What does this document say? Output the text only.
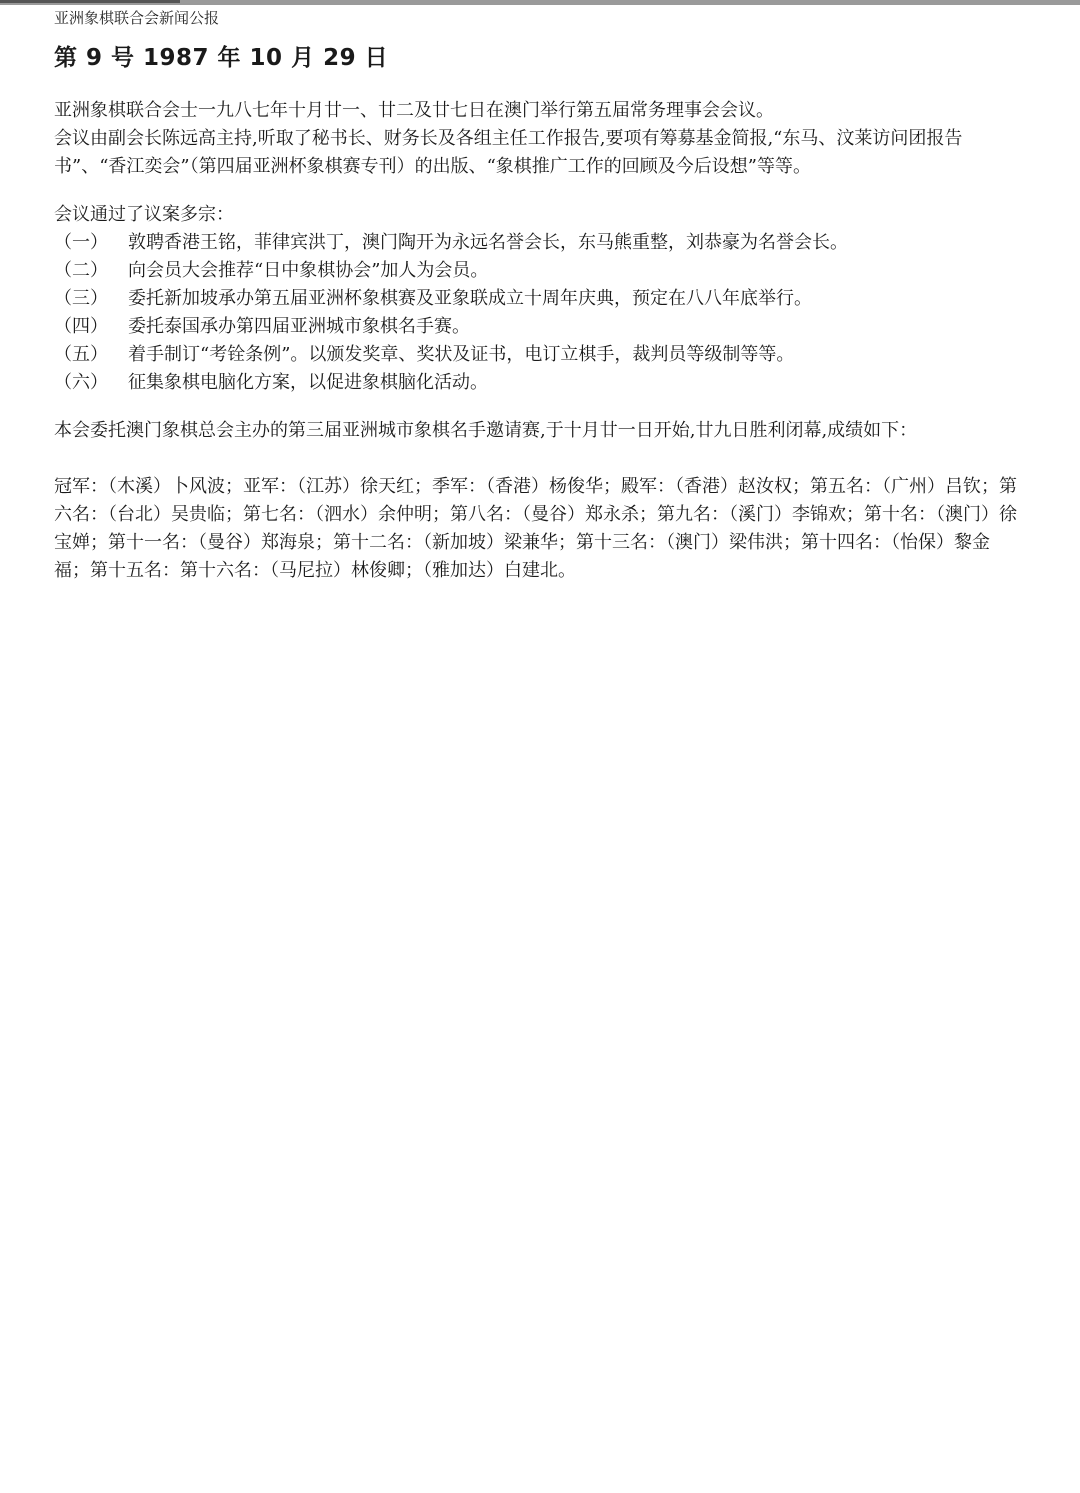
亚洲象棋联合会新闻公报
第 9 号 1987 年 10 月 29 日

亚洲象棋联合会士一九八七年十月廿一、廿二及廿七日在澳门举行第五届常务理事会会议。

会议由副会长陈远高主持,听取了秘书长、财务长及各组主任工作报告,要项有筹募基金简报,“东马、汶莱访问团报告书”、“香江奕会”（第四届亚洲杯象棋赛专刊）的出版、“象棋推广工作的回顾及今后设想”等等。

会议通过了议案多宗：

（一）	敦聘香港王铭，菲律宾洪丁，澳门陶开为永远名誉会长，东马熊重整，刘恭豪为名誉会长。
（二）	向会员大会推荐“日中象棋协会”加人为会员。
（三）	委托新加坡承办第五届亚洲杯象棋赛及亚象联成立十周年庆典，预定在八八年底举行。
（四）	委托泰国承办第四届亚洲城市象棋名手赛。
（五）	着手制订“考铨条例”。以颁发奖章、奖状及证书，电订立棋手，裁判员等级制等等。
（六）	征集象棋电脑化方案，以促进象棋脑化活动。

本会委托澳门象棋总会主办的第三届亚洲城市象棋名手邀请赛,于十月廿一日开始,廿九日胜利闭幕,成绩如下：

冠军：（木溪）卜风波；亚军：（江苏）徐天红；季军：（香港）杨俊华；殿军：（香港）赵汝权；第五名：（广州）吕钦；第六名：（台北）吴贵临；第七名：（泗水）余仲明；第八名：（曼谷）郑永杀；第九名：（溪门）李锦欢；第十名：（澳门）徐宝婵；第十一名：（曼谷）郑海泉；第十二名：（新加坡）梁兼华；第十三名：（澳门）梁伟洪；第十四名：（怡保）黎金福；第十五名：第十六名：（马尼拉）林俊卿；（雅加达）白建北。
